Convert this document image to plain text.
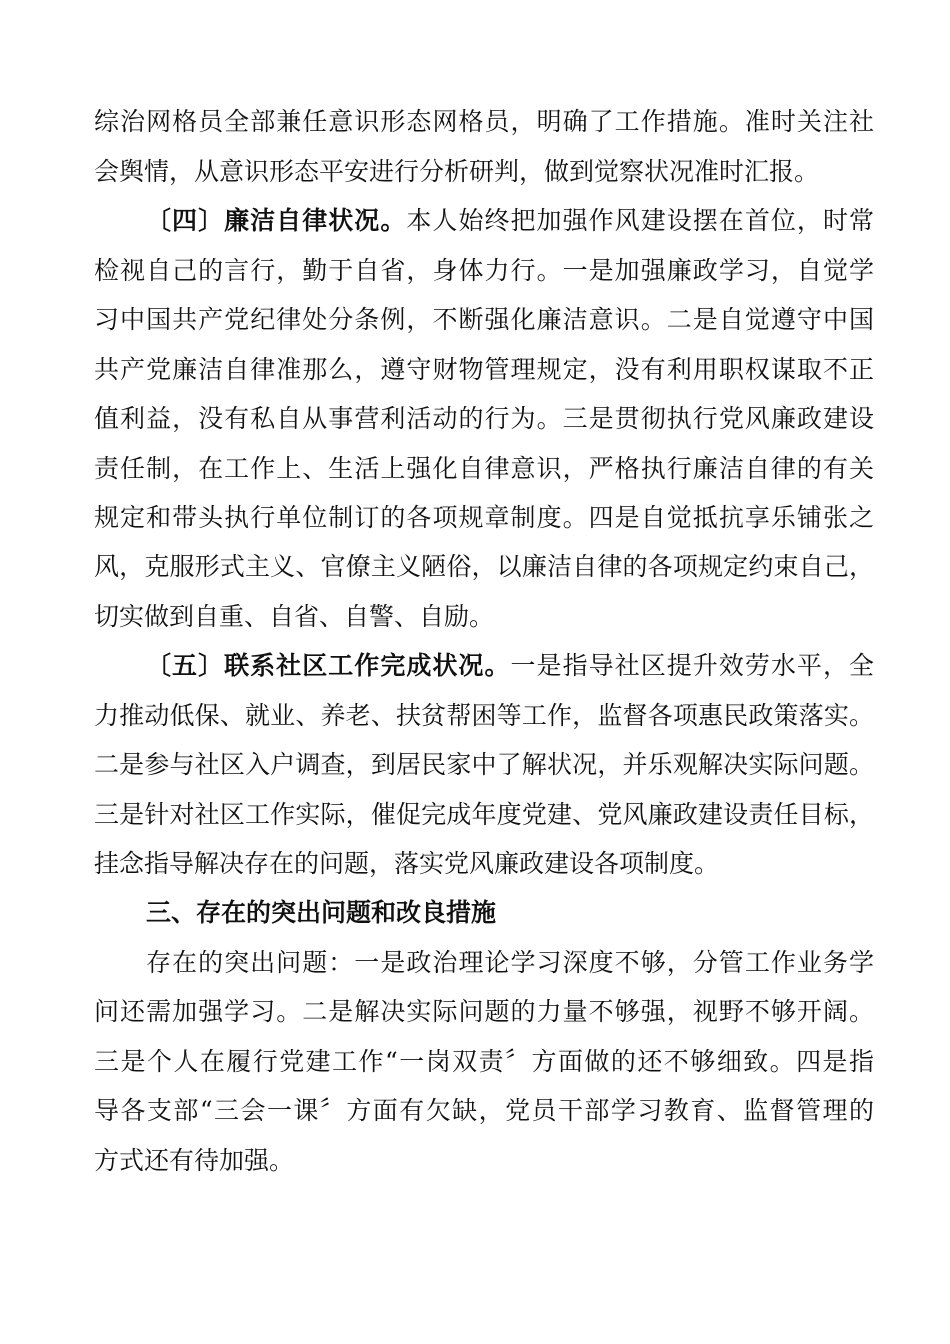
综治网格员全部兼任意识形态网格员，明确了工作措施。准时关注社
会舆情，从意识形态平安进行分析研判，做到觉察状况准时汇报。
〔四〕廉洁自律状况。本人始终把加强作风建设摆在首位，时常
检视自己的言行，勤于自省，身体力行。一是加强廉政学习，自觉学
习中国共产党纪律处分条例，不断强化廉洁意识。二是自觉遵守中国
共产党廉洁自律准那么，遵守财物管理规定，没有利用职权谋取不正
值利益，没有私自从事营利活动的行为。三是贯彻执行党风廉政建设
责任制，在工作上、生活上强化自律意识，严格执行廉洁自律的有关
规定和带头执行单位制订的各项规章制度。四是自觉抵抗享乐铺张之
风，克服形式主义、官僚主义陋俗，以廉洁自律的各项规定约束自己，
切实做到自重、自省、自警、自励。
〔五〕联系社区工作完成状况。一是指导社区提升效劳水平，全
力推动低保、就业、养老、扶贫帮困等工作，监督各项惠民政策落实。
二是参与社区入户调查，到居民家中了解状况，并乐观解决实际问题。
三是针对社区工作实际，催促完成年度党建、党风廉政建设责任目标，
挂念指导解决存在的问题，落实党风廉政建设各项制度。
三、存在的突出问题和改良措施
存在的突出问题：一是政治理论学习深度不够，分管工作业务学
问还需加强学习。二是解决实际问题的力量不够强，视野不够开阔。
三是个人在履行党建工作“一岗双责〞方面做的还不够细致。四是指
导各支部“三会一课〞方面有欠缺，党员干部学习教育、监督管理的
方式还有待加强。
